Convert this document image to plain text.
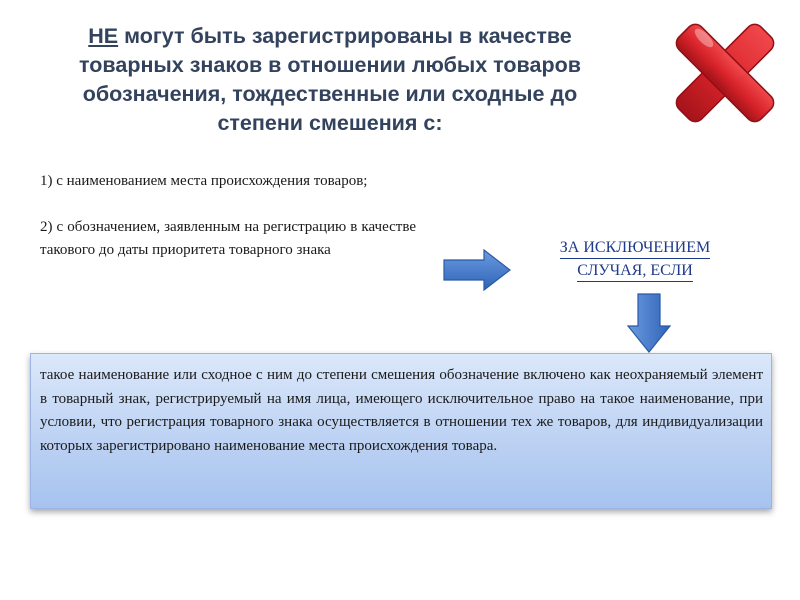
НЕ могут быть зарегистрированы в качестве товарных знаков в отношении любых товаров обозначения, тождественные или сходные до степени смешения с:

1) с наименованием места происхождения товаров;

2) с обозначением, заявленным на регистрацию в качестве такового до даты приоритета товарного знака	ЗА ИСКЛЮЧЕНИЕМ
СЛУЧАЯ, ЕСЛИ
такое наименование или сходное с ним до степени смешения обозначение включено как неохраняемый элемент в товарный знак, регистрируемый на имя лица, имеющего исключительное право на такое наименование, при условии, что регистрация товарного знака осуществляется в отношении тех же товаров, для индивидуализации которых зарегистрировано наименование места происхождения товара.
